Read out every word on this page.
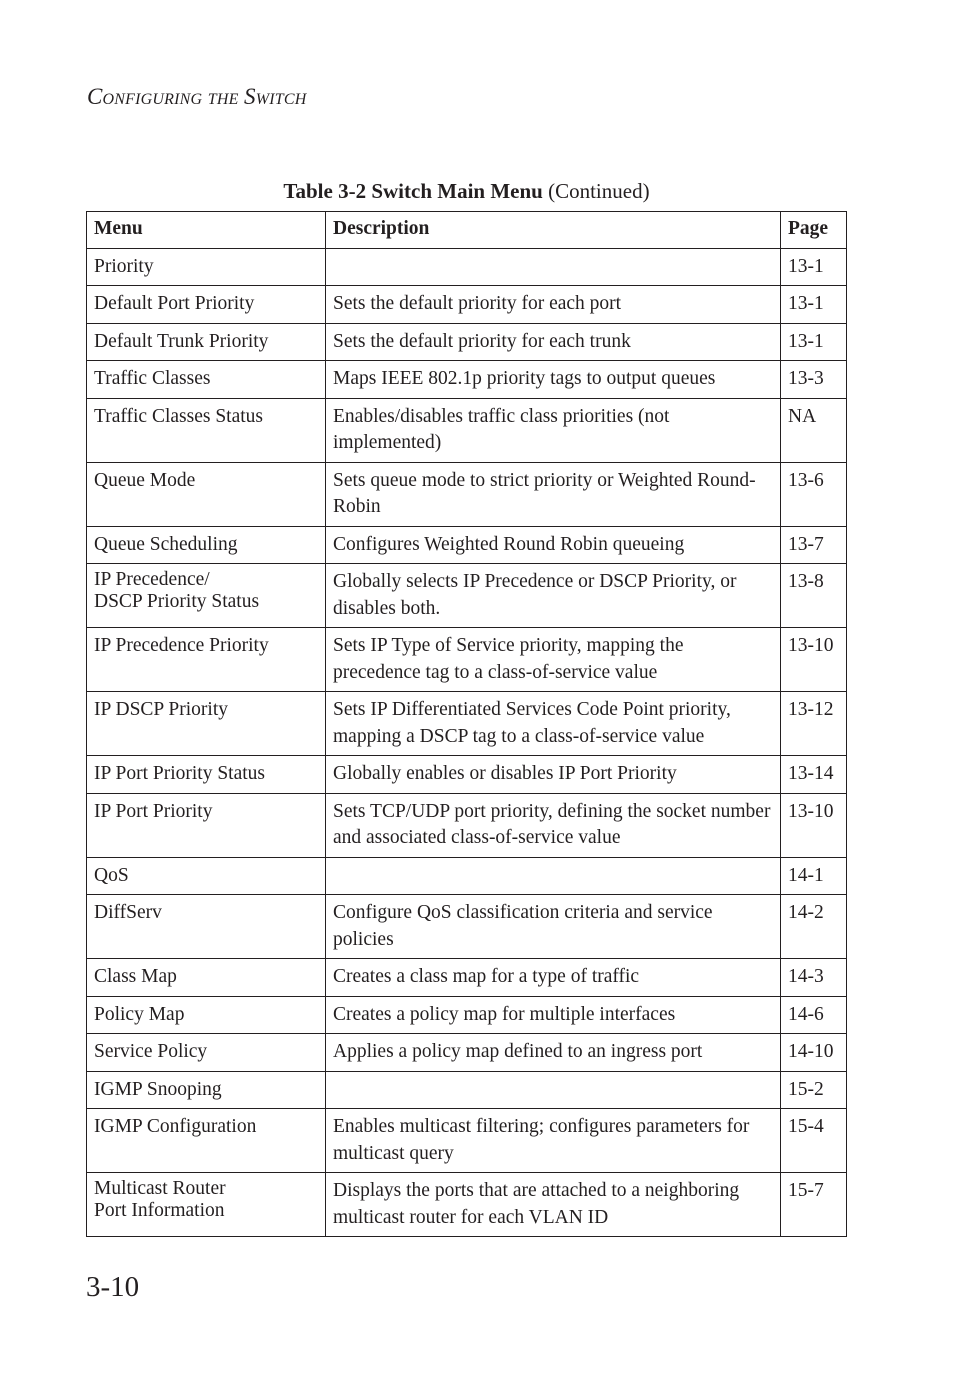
CONFIGURING THE SWITCH
Table 3-2 Switch Main Menu (Continued)
Menu	Description	Page
Priority		13-1
Default Port Priority	Sets the default priority for each port	13-1
Default Trunk Priority	Sets the default priority for each trunk	13-1
Traffic Classes	Maps IEEE 802.1p priority tags to output queues	13-3
Traffic Classes Status	Enables/disables traffic class priorities (not implemented)	NA
Queue Mode	Sets queue mode to strict priority or Weighted Round-Robin	13-6
Queue Scheduling	Configures Weighted Round Robin queueing	13-7

IP Precedence/
DSCP Priority Status	Globally selects IP Precedence or DSCP Priority, or disables both.	13-8
IP Precedence Priority	Sets IP Type of Service priority, mapping the precedence tag to a class-of-service value	13-10
IP DSCP Priority	Sets IP Differentiated Services Code Point priority, mapping a DSCP tag to a class-of-service value	13-12
IP Port Priority Status	Globally enables or disables IP Port Priority	13-14
IP Port Priority	Sets TCP/UDP port priority, defining the socket number and associated class-of-service value	13-10
QoS		14-1
DiffServ	Configure QoS classification criteria and service policies	14-2
Class Map	Creates a class map for a type of traffic	14-3
Policy Map	Creates a policy map for multiple interfaces	14-6
Service Policy	Applies a policy map defined to an ingress port	14-10
IGMP Snooping		15-2
IGMP Configuration	Enables multicast filtering; configures parameters for multicast query	15-4

Multicast Router
Port Information	Displays the ports that are attached to a neighboring multicast router for each VLAN ID	15-7
3-10
